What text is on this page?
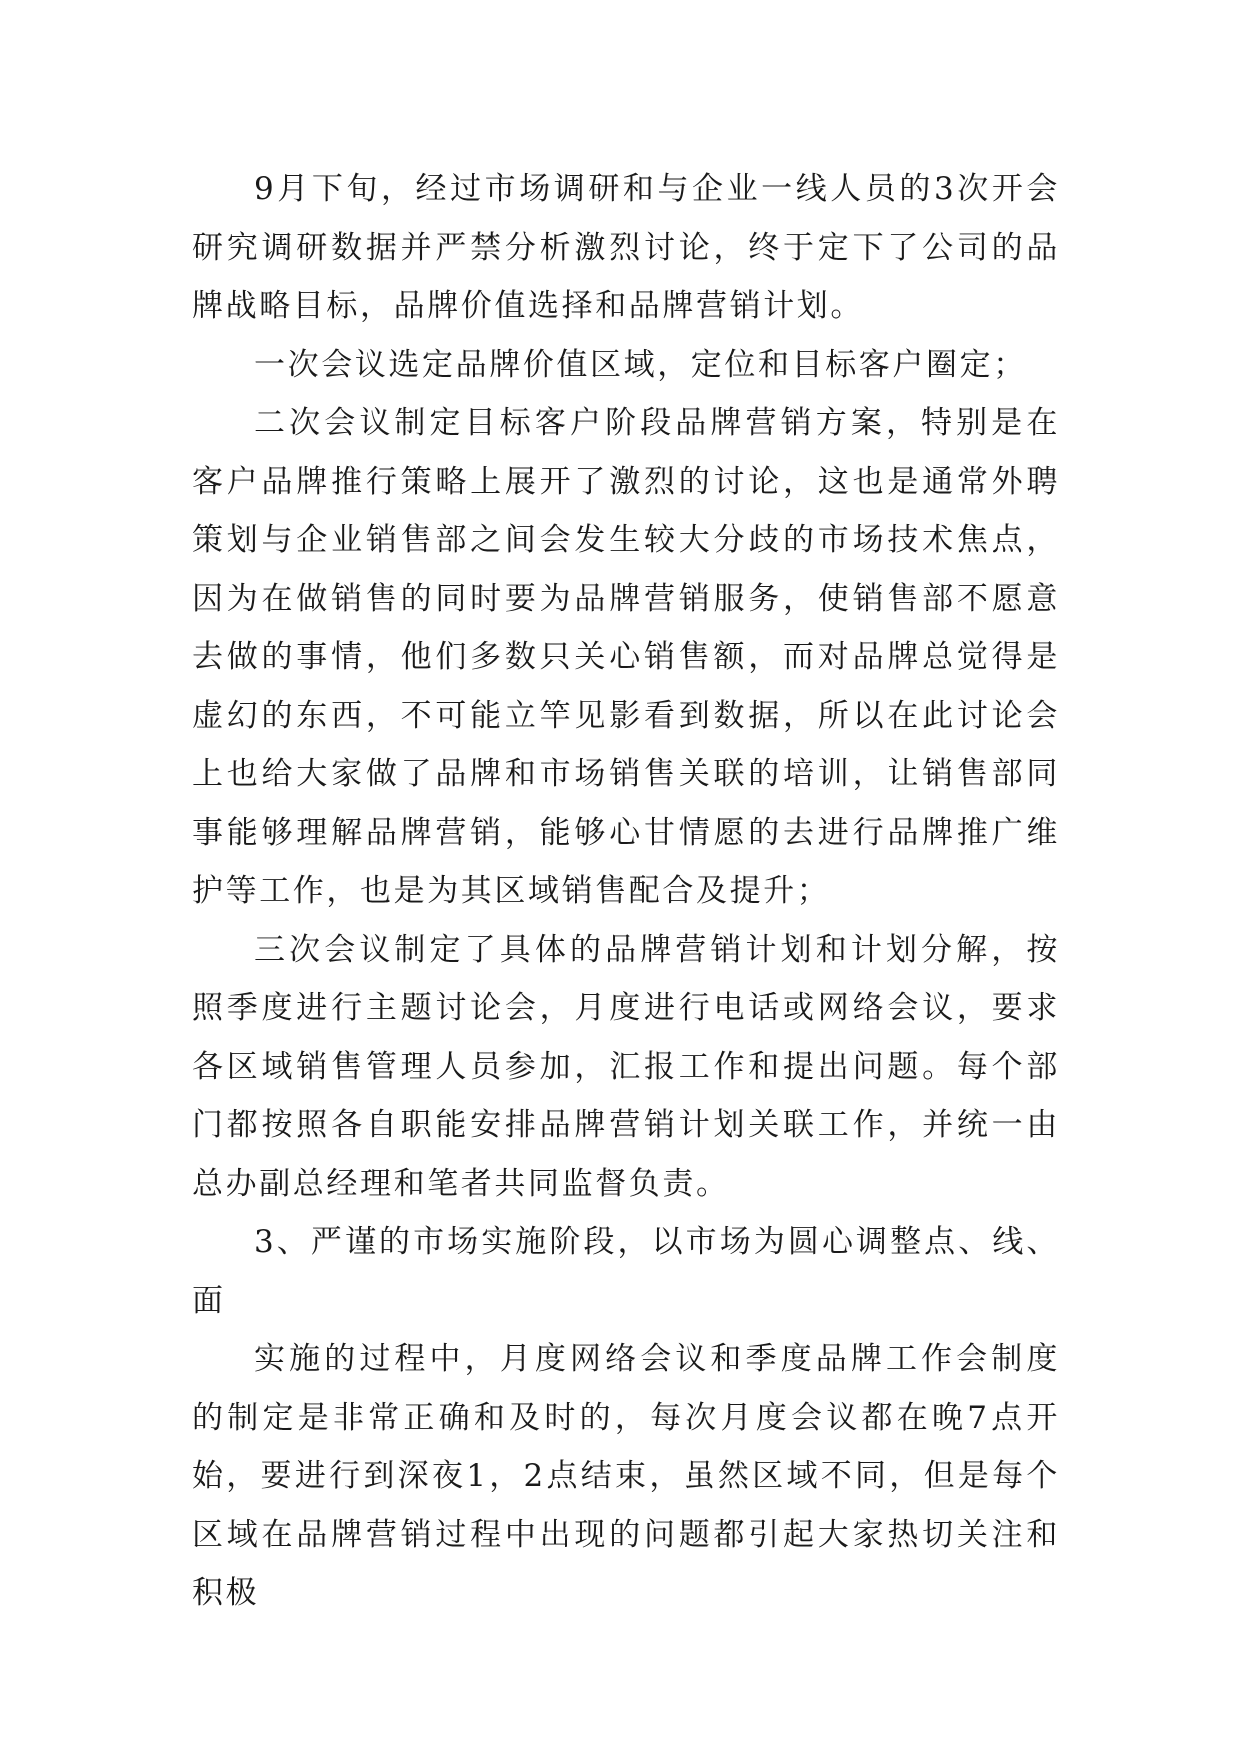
9月下旬，经过市场调研和与企业一线人员的3次开会研究调研数据并严禁分析激烈讨论，终于定下了公司的品牌战略目标，品牌价值选择和品牌营销计划。

一次会议选定品牌价值区域，定位和目标客户圈定；

二次会议制定目标客户阶段品牌营销方案，特别是在客户品牌推行策略上展开了激烈的讨论，这也是通常外聘策划与企业销售部之间会发生较大分歧的市场技术焦点，因为在做销售的同时要为品牌营销服务，使销售部不愿意去做的事情，他们多数只关心销售额，而对品牌总觉得是虚幻的东西，不可能立竿见影看到数据，所以在此讨论会上也给大家做了品牌和市场销售关联的培训，让销售部同事能够理解品牌营销，能够心甘情愿的去进行品牌推广维护等工作，也是为其区域销售配合及提升；

三次会议制定了具体的品牌营销计划和计划分解，按照季度进行主题讨论会，月度进行电话或网络会议，要求各区域销售管理人员参加，汇报工作和提出问题。每个部门都按照各自职能安排品牌营销计划关联工作，并统一由总办副总经理和笔者共同监督负责。

3、严谨的市场实施阶段，以市场为圆心调整点、线、面

实施的过程中，月度网络会议和季度品牌工作会制度的制定是非常正确和及时的，每次月度会议都在晚7点开始，要进行到深夜1，2点结束，虽然区域不同，但是每个区域在品牌营销过程中出现的问题都引起大家热切关注和积极
